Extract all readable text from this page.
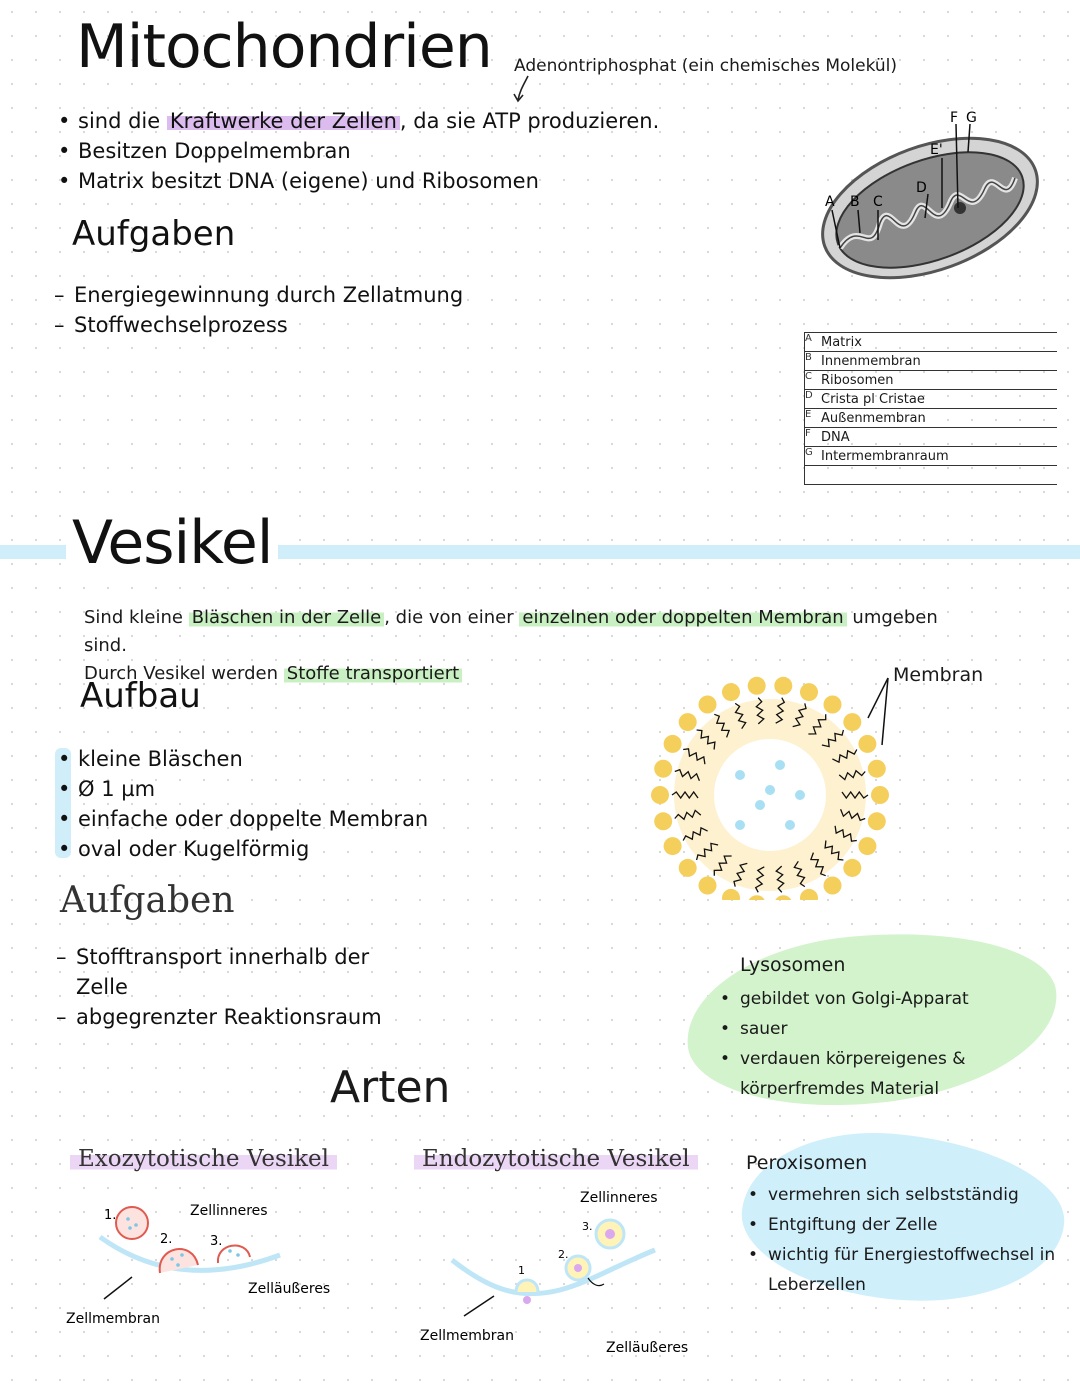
Mitochondrien Adenontriphosphat (ein chemisches Molekül)
• sind die Kraftwerke der Zellen , da sie ATP produzieren.
• Besitzen Doppelmembran
• Matrix besitzt DNA (eigene) und Ribosomen
Aufgaben
– Energiegewinnung durch Zellatmung
– Stoffwechselprozess
A B C
D
E'
F G
A	Matrix
B	Innenmembran
C	Ribosomen
D	Crista pl Cristae
E	Außenmembran
F	DNA
G	Intermembranraum

Vesikel
Sind kleine Bläschen in der Zelle , die von einer einzelnen oder doppelten Membran umgeben sind.
Durch Vesikel werden Stoffe transportiert
Aufbau
• kleine Bläschen
• Ø 1 µm
• einfache oder doppelte Membran
• oval oder Kugelförmig
Membran
Aufgaben
– Stofftransport innerhalb der Zelle
– abgegrenzter Reaktionsraum
Lysosomen
• gebildet von Golgi-Apparat
• sauer
• verdauen körpereigenes & körperfremdes Material
Arten
Peroxisomen
• vermehren sich selbstständig
• Entgiftung der Zelle
• wichtig für Energiestoffwechsel in Leberzellen
Exozytotische Vesikel
1.
2.	3.
Zellinneres
Zelläußeres
Zellmembran
Endozytotische Vesikel
1
2.
3.
Zellinneres
Zelläußeres
Zellmembran
